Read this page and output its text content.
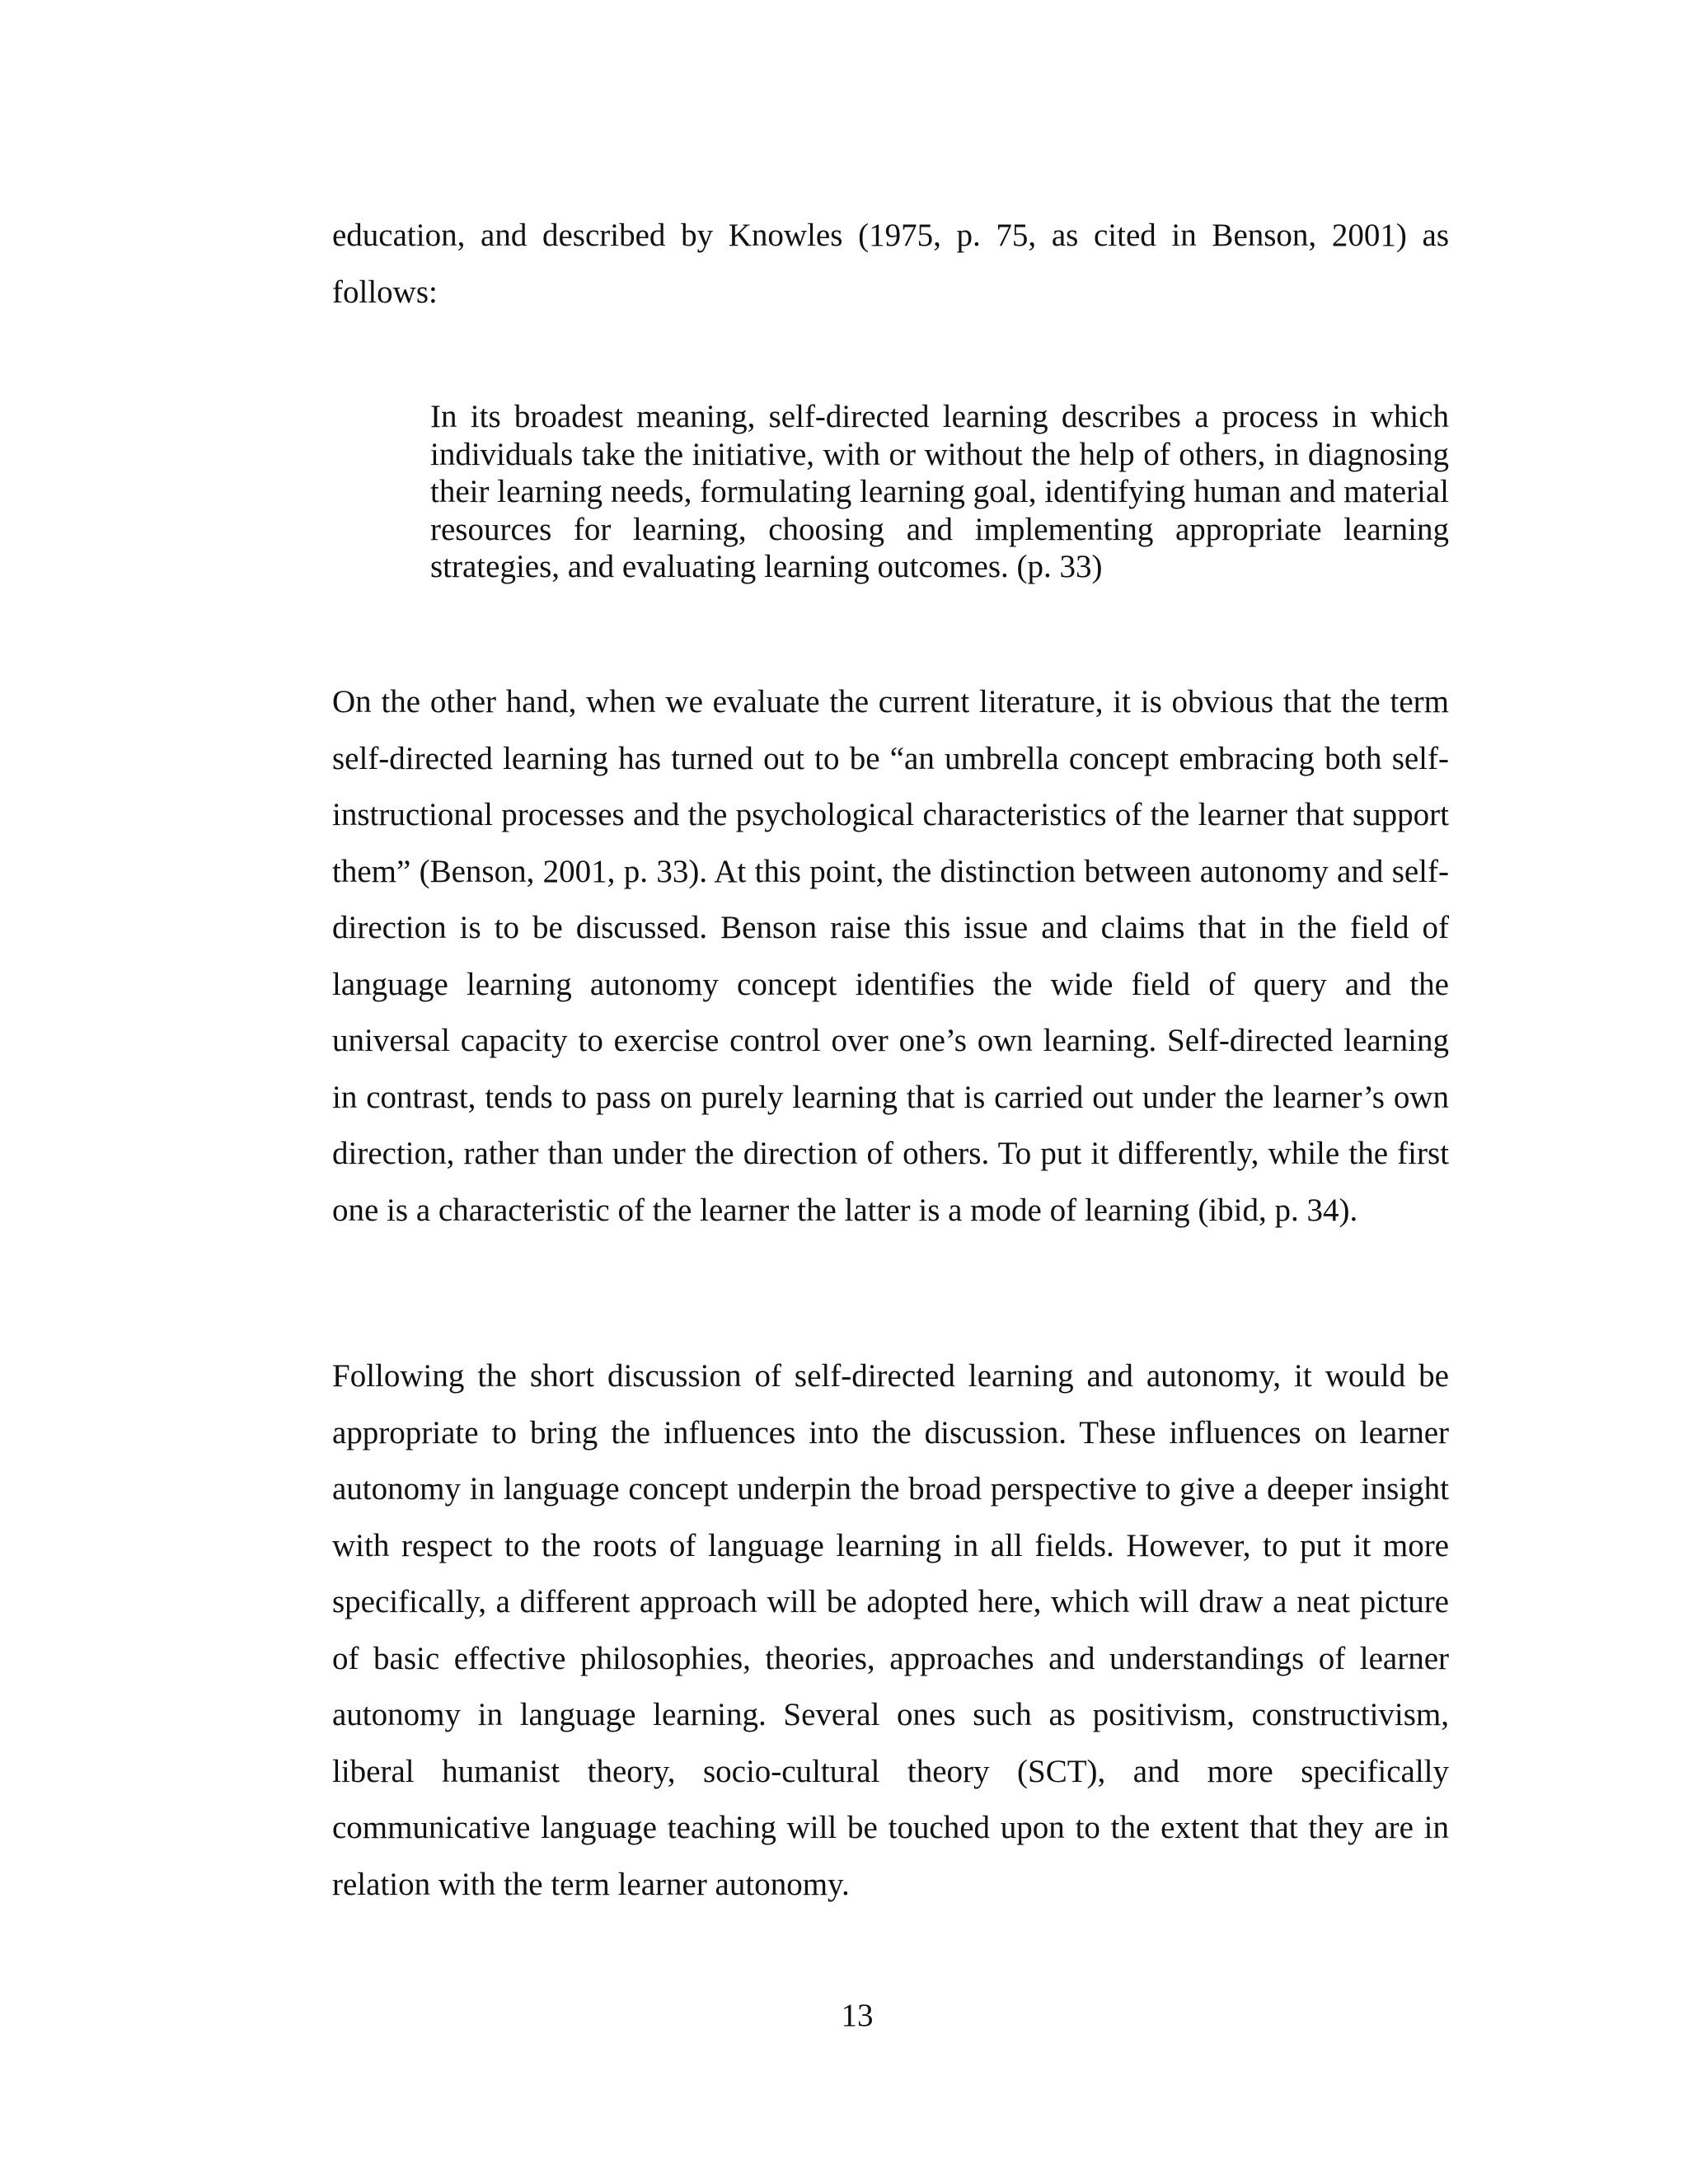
education, and described by Knowles (1975, p. 75, as cited in Benson, 2001) as follows:

In its broadest meaning, self-directed learning describes a process in which individuals take the initiative, with or without the help of others, in diagnosing their learning needs, formulating learning goal, identifying human and material resources for learning, choosing and implementing appropriate learning strategies, and evaluating learning outcomes. (p. 33)

On the other hand, when we evaluate the current literature, it is obvious that the term self-directed learning has turned out to be “an umbrella concept embracing both self-instructional processes and the psychological characteristics of the learner that support them” (Benson, 2001, p. 33). At this point, the distinction between autonomy and self-direction is to be discussed. Benson raise this issue and claims that in the field of language learning autonomy concept identifies the wide field of query and the universal capacity to exercise control over one’s own learning. Self-directed learning in contrast, tends to pass on purely learning that is carried out under the learner’s own direction, rather than under the direction of others. To put it differently, while the first one is a characteristic of the learner the latter is a mode of learning (ibid, p. 34).

Following the short discussion of self-directed learning and autonomy, it would be appropriate to bring the influences into the discussion. These influences on learner autonomy in language concept underpin the broad perspective to give a deeper insight with respect to the roots of language learning in all fields. However, to put it more specifically, a different approach will be adopted here, which will draw a neat picture of basic effective philosophies, theories, approaches and understandings of learner autonomy in language learning. Several ones such as positivism, constructivism, liberal humanist theory, socio-cultural theory (SCT), and more specifically communicative language teaching will be touched upon to the extent that they are in relation with the term learner autonomy.

13
